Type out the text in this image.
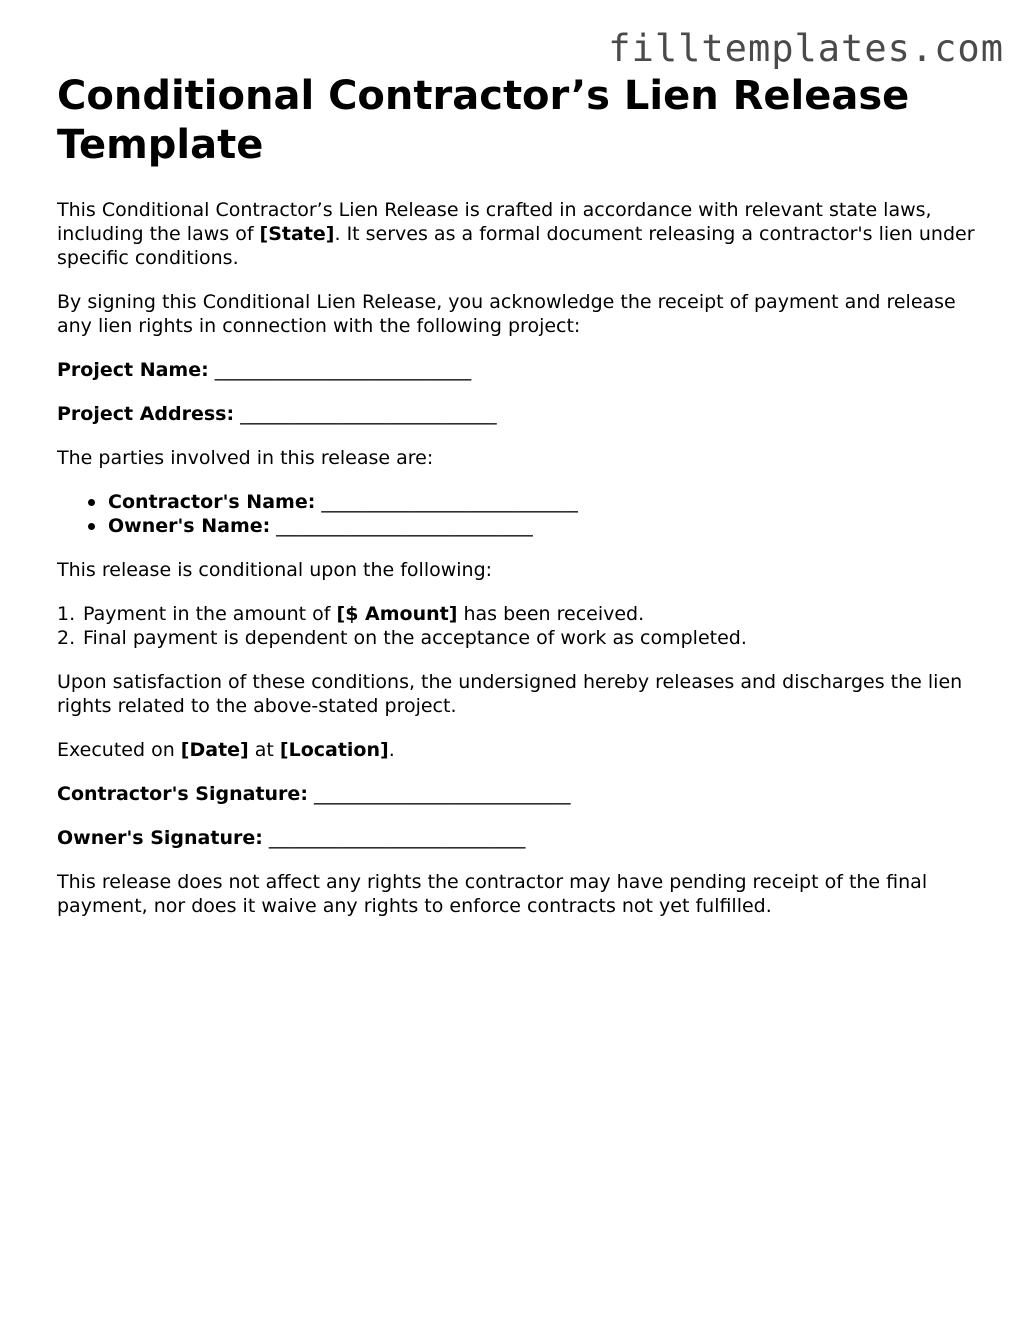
filltemplates.com
Conditional Contractor’s Lien Release Template

This Conditional Contractor’s Lien Release is crafted in accordance with relevant state laws, including the laws of [State]. It serves as a formal document releasing a contractor's lien under specific conditions.

By signing this Conditional Lien Release, you acknowledge the receipt of payment and release any lien rights in connection with the following project:

Project Name: ___________________________

Project Address: ___________________________

The parties involved in this release are:

Contractor's Name: ___________________________
Owner's Name: ___________________________

This release is conditional upon the following:

1. Payment in the amount of [$ Amount] has been received.
2. Final payment is dependent on the acceptance of work as completed.

Upon satisfaction of these conditions, the undersigned hereby releases and discharges the lien rights related to the above-stated project.

Executed on [Date] at [Location].

Contractor's Signature: ___________________________

Owner's Signature: ___________________________

This release does not affect any rights the contractor may have pending receipt of the final payment, nor does it waive any rights to enforce contracts not yet fulfilled.
